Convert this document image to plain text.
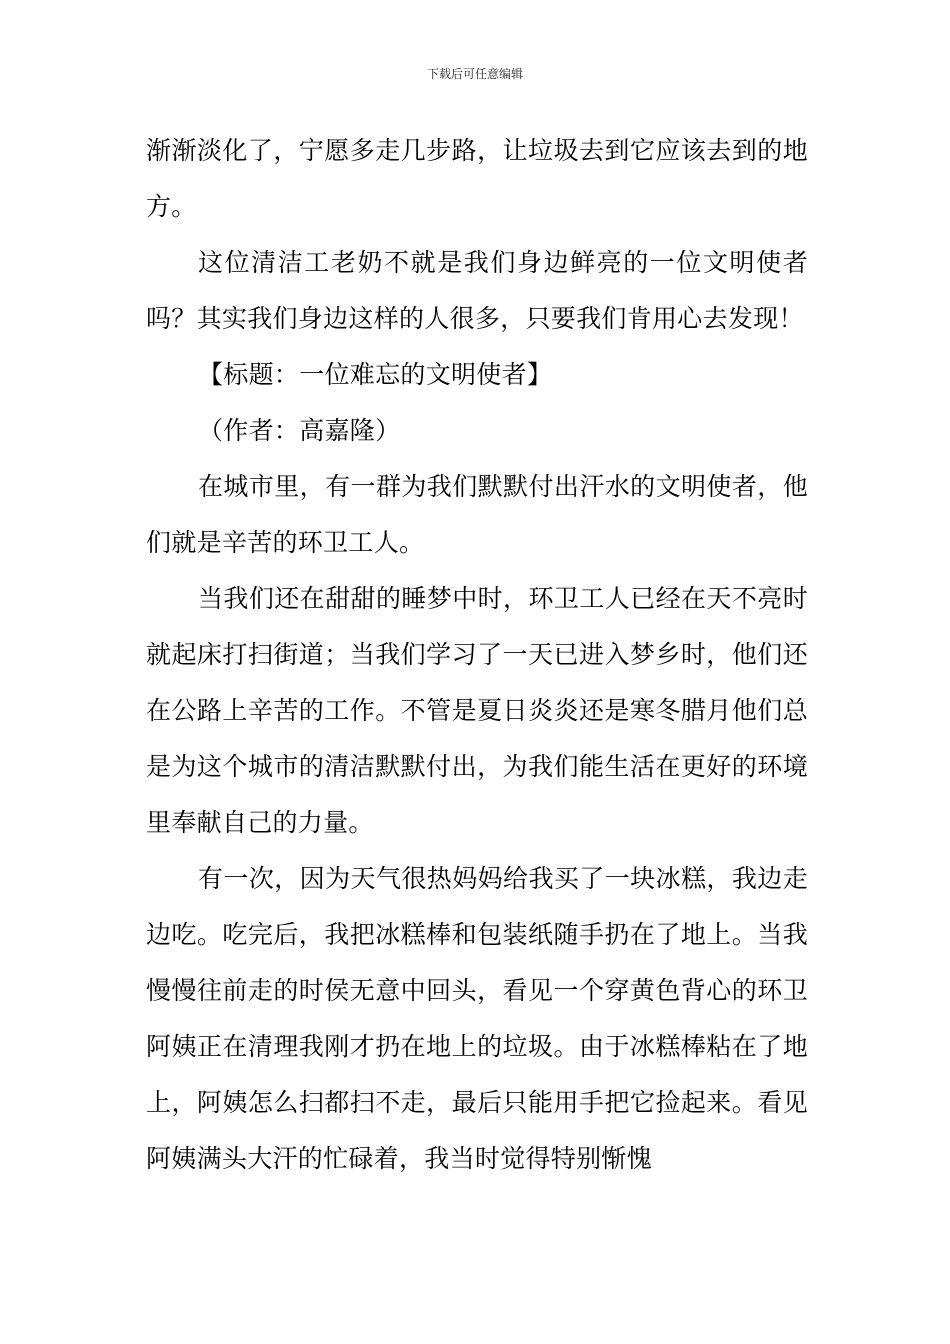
下载后可任意编辑

渐渐淡化了，宁愿多走几步路，让垃圾去到它应该去到的地方。

这位清洁工老奶不就是我们身边鲜亮的一位文明使者吗？其实我们身边这样的人很多，只要我们肯用心去发现！

【标题：一位难忘的文明使者】

（作者：高嘉隆）

在城市里，有一群为我们默默付出汗水的文明使者，他们就是辛苦的环卫工人。

当我们还在甜甜的睡梦中时，环卫工人已经在天不亮时就起床打扫街道；当我们学习了一天已进入梦乡时，他们还在公路上辛苦的工作。不管是夏日炎炎还是寒冬腊月他们总是为这个城市的清洁默默付出，为我们能生活在更好的环境里奉献自己的力量。

有一次，因为天气很热妈妈给我买了一块冰糕，我边走边吃。吃完后，我把冰糕棒和包装纸随手扔在了地上。当我慢慢往前走的时侯无意中回头，看见一个穿黄色背心的环卫阿姨正在清理我刚才扔在地上的垃圾。由于冰糕棒粘在了地上，阿姨怎么扫都扫不走，最后只能用手把它捡起来。看见阿姨满头大汗的忙碌着，我当时觉得特别惭愧
